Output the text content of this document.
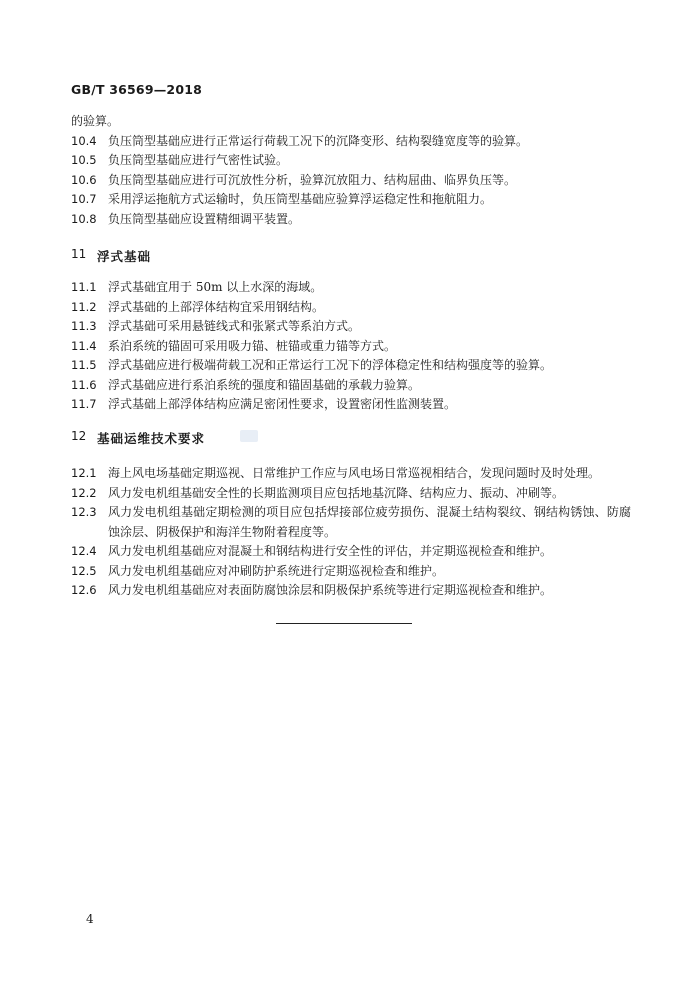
GB/T 36569—2018
的验算。
10.4 负压筒型基础应进行正常运行荷载工况下的沉降变形、结构裂缝宽度等的验算。
10.5 负压筒型基础应进行气密性试验。
10.6 负压筒型基础应进行可沉放性分析，验算沉放阻力、结构屈曲、临界负压等。
10.7 采用浮运拖航方式运输时，负压筒型基础应验算浮运稳定性和拖航阻力。
10.8 负压筒型基础应设置精细调平装置。
11 浮式基础
11.1 浮式基础宜用于 50m 以上水深的海域。
11.2 浮式基础的上部浮体结构宜采用钢结构。
11.3 浮式基础可采用悬链线式和张紧式等系泊方式。
11.4 系泊系统的锚固可采用吸力锚、桩锚或重力锚等方式。
11.5 浮式基础应进行极端荷载工况和正常运行工况下的浮体稳定性和结构强度等的验算。
11.6 浮式基础应进行系泊系统的强度和锚固基础的承载力验算。
11.7 浮式基础上部浮体结构应满足密闭性要求，设置密闭性监测装置。
12 基础运维技术要求
12.1 海上风电场基础定期巡视、日常维护工作应与风电场日常巡视相结合，发现问题时及时处理。
12.2 风力发电机组基础安全性的长期监测项目应包括地基沉降、结构应力、振动、冲刷等。
12.3 风力发电机组基础定期检测的项目应包括焊接部位疲劳损伤、混凝土结构裂纹、钢结构锈蚀、防腐蚀涂层、阴极保护和海洋生物附着程度等。
12.4 风力发电机组基础应对混凝土和钢结构进行安全性的评估，并定期巡视检查和维护。
12.5 风力发电机组基础应对冲刷防护系统进行定期巡视检查和维护。
12.6 风力发电机组基础应对表面防腐蚀涂层和阴极保护系统等进行定期巡视检查和维护。
4
